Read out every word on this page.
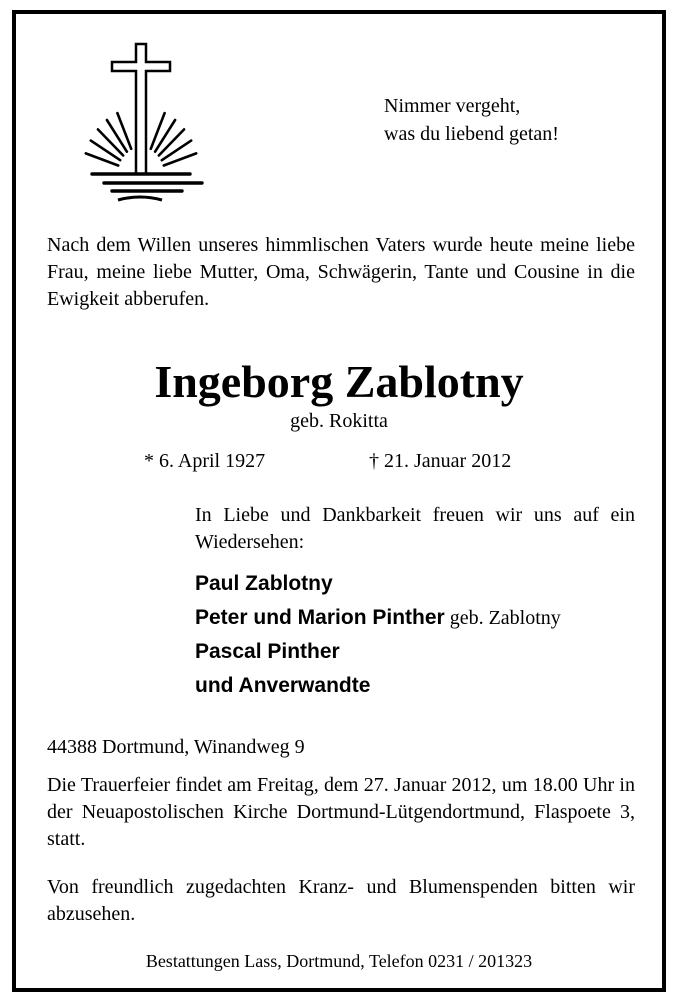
Nimmer vergeht,
was du liebend getan!
Nach dem Willen unseres himmlischen Vaters wurde heute meine liebe Frau, meine liebe Mutter, Oma, Schwägerin, Tante und Cousine in die Ewigkeit abberufen.
Ingeborg Zablotny
geb. Rokitta
* 6. April 1927	† 21. Januar 2012
In Liebe und Dankbarkeit freuen wir uns auf ein Wiedersehen:
Paul Zablotny
Peter und Marion Pinther geb. Zablotny
Pascal Pinther
und Anverwandte
44388 Dortmund, Winandweg 9
Die Trauerfeier findet am Freitag, dem 27. Januar 2012, um 18.00 Uhr in der Neuapostolischen Kirche Dortmund-Lütgendortmund, Flaspoete 3, statt.
Von freundlich zugedachten Kranz- und Blumenspenden bitten wir abzusehen.
Bestattungen Lass, Dortmund, Telefon 0231 / 201323
